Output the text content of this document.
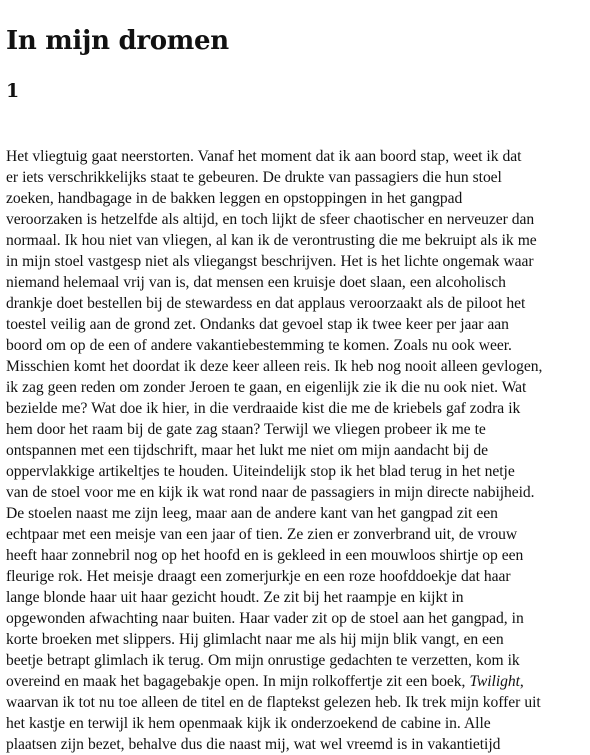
In mijn dromen
1
Het vliegtuig gaat neerstorten. Vanaf het moment dat ik aan boord stap, weet ik dat
er iets verschrikkelijks staat te gebeuren. De drukte van passagiers die hun stoel
zoeken, handbagage in de bakken leggen en opstoppingen in het gangpad
veroorzaken is hetzelfde als altijd, en toch lijkt de sfeer chaotischer en nerveuzer dan
normaal. Ik hou niet van vliegen, al kan ik de verontrusting die me bekruipt als ik me
in mijn stoel vastgesp niet als vliegangst beschrijven. Het is het lichte ongemak waar
niemand helemaal vrij van is, dat mensen een kruisje doet slaan, een alcoholisch
drankje doet bestellen bij de stewardess en dat applaus veroorzaakt als de piloot het
toestel veilig aan de grond zet. Ondanks dat gevoel stap ik twee keer per jaar aan
boord om op de een of andere vakantiebestemming te komen. Zoals nu ook weer.
Misschien komt het doordat ik deze keer alleen reis. Ik heb nog nooit alleen gevlogen,
ik zag geen reden om zonder Jeroen te gaan, en eigenlijk zie ik die nu ook niet. Wat
bezielde me? Wat doe ik hier, in die verdraaide kist die me de kriebels gaf zodra ik
hem door het raam bij de gate zag staan? Terwijl we vliegen probeer ik me te
ontspannen met een tijdschrift, maar het lukt me niet om mijn aandacht bij de
oppervlakkige artikeltjes te houden. Uiteindelijk stop ik het blad terug in het netje
van de stoel voor me en kijk ik wat rond naar de passagiers in mijn directe nabijheid.
De stoelen naast me zijn leeg, maar aan de andere kant van het gangpad zit een
echtpaar met een meisje van een jaar of tien. Ze zien er zonverbrand uit, de vrouw
heeft haar zonnebril nog op het hoofd en is gekleed in een mouwloos shirtje op een
fleurige rok. Het meisje draagt een zomerjurkje en een roze hoofddoekje dat haar
lange blonde haar uit haar gezicht houdt. Ze zit bij het raampje en kijkt in
opgewonden afwachting naar buiten. Haar vader zit op de stoel aan het gangpad, in
korte broeken met slippers. Hij glimlacht naar me als hij mijn blik vangt, en een
beetje betrapt glimlach ik terug. Om mijn onrustige gedachten te verzetten, kom ik
overeind en maak het bagagebakje open. In mijn rolkoffertje zit een boek, Twilight,
waarvan ik tot nu toe alleen de titel en de flaptekst gelezen heb. Ik trek mijn koffer uit
het kastje en terwijl ik hem openmaak kijk ik onderzoekend de cabine in. Alle
plaatsen zijn bezet, behalve dus die naast mij, wat wel vreemd is in vakantietijd
